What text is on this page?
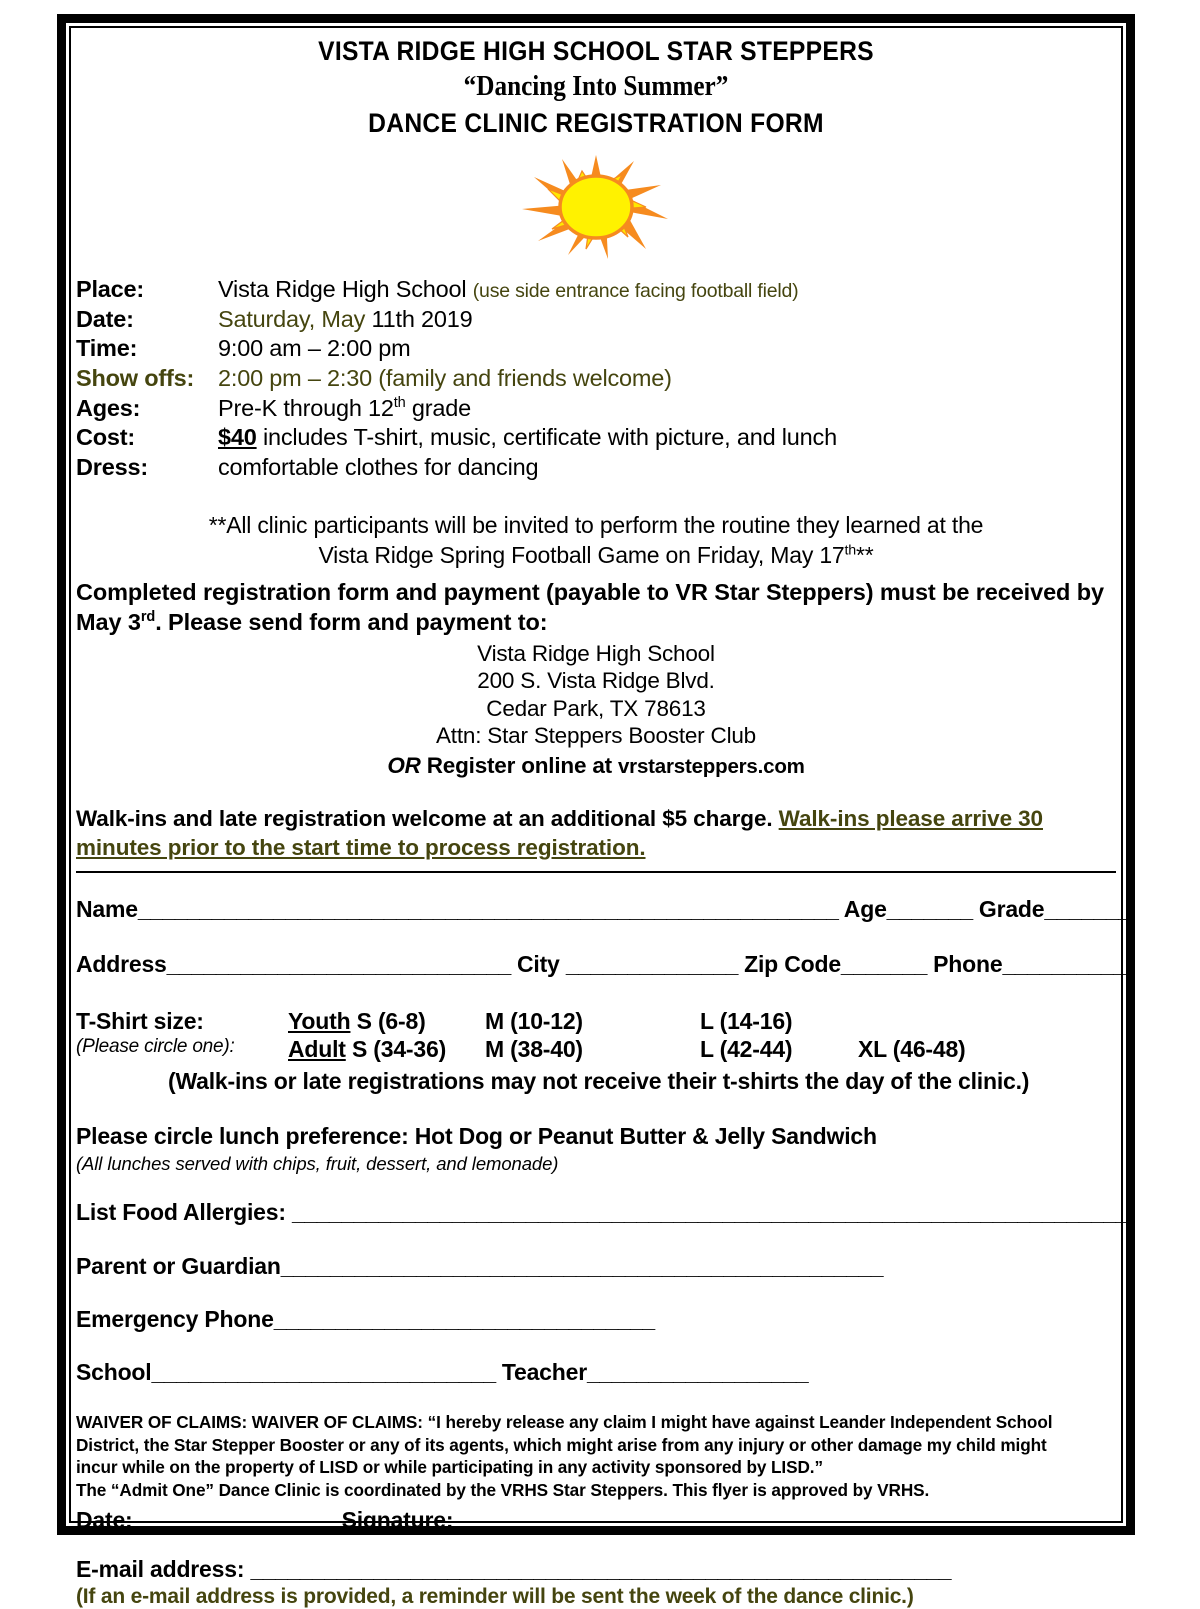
VISTA RIDGE HIGH SCHOOL STAR STEPPERS
“Dancing Into Summer”
DANCE CLINIC REGISTRATION FORM
Place:	Vista Ridge High School (use side entrance facing football field)
Date:	Saturday, May 11th 2019
Time:	9:00 am – 2:00 pm
Show offs:	2:00 pm – 2:30 (family and friends welcome)
Ages:	Pre-K through 12th grade
Cost:	$40 includes T-shirt, music, certificate with picture, and lunch
Dress:	comfortable clothes for dancing
**All clinic participants will be invited to perform the routine they learned at the
Vista Ridge Spring Football Game on Friday, May 17th**
Completed registration form and payment (payable to VR Star Steppers) must be received by
May 3rd. Please send form and payment to:
Vista Ridge High School
200 S. Vista Ridge Blvd.
Cedar Park, TX 78613
Attn: Star Steppers Booster Club
OR Register online at vrstarsteppers.com
Walk-ins and late registration welcome at an additional $5 charge. Walk-ins please arrive 30 minutes prior to the start time to process registration.
Name_________________________________________________________ Age_______ Grade_______
Address____________________________ City ______________ Zip Code_______ Phone__________
T-Shirt size:	Youth S (6-8)	M (10-12)	L (14-16)
(Please circle one):	Adult S (34-36)	M (38-40)	L (42-44)	XL (46-48)
(Walk-ins or late registrations may not receive their t-shirts the day of the clinic.)
Please circle lunch preference: Hot Dog or Peanut Butter & Jelly Sandwich
(All lunches served with chips, fruit, dessert, and lemonade)
List Food Allergies: ____________________________________________________________________
Parent or Guardian_________________________________________________
Emergency Phone_______________________________
School____________________________ Teacher__________________
WAIVER OF CLAIMS: WAIVER OF CLAIMS: “I hereby release any claim I might have against Leander Independent School
District, the Star Stepper Booster or any of its agents, which might arise from any injury or other damage my child might
incur while on the property of LISD or while participating in any activity sponsored by LISD.”
The “Admit One” Dance Clinic is coordinated by the VRHS Star Steppers. This flyer is approved by VRHS.
Date: ________________ Signature:_____________________________________________________
E-mail address: _________________________________________________________
(If an e-mail address is provided, a reminder will be sent the week of the dance clinic.)
